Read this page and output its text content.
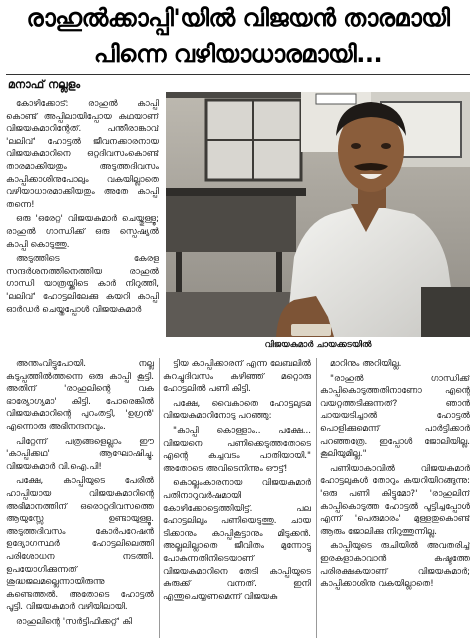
രാഹുൽക്കാപ്പി'യിൽ വിജയൻ താരമായി
പിന്നെ വഴിയാധാരമായി...
മനാഫ് നല്ലളം

കോഴിക്കോട്: രാഹുൽ കാപ്പി കൊണ്ട് അപ്പിലായിപ്പോയ കഥയാണ് വിജയകുമാറിന്റേത്. പന്തീരാങ്കാവ് 'ലലിവ്' ഹോട്ടൽ ജീവനക്കാരനായ വിജയകുമാറിനെ ഒറ്റദിവസംകൊണ്ട് താരമാക്കിയതും അടുത്തദിവസം കാപ്പിക്കാശിനുപോലും വകയില്ലാതെ വഴിയാധാരമാക്കിയതും അതേ കാപ്പി തന്നെ!

ഒരു 'ഒരേറ്റ' വിജയകുമാർ ചെയ്തുള്ളൂ; രാഹുൽ ഗാന്ധിക്ക് ഒരു സ്പെഷ്യൽ കാപ്പി കൊടുത്തു.

അടുത്തിടെ കേരള സന്ദർശനത്തിനെത്തിയ രാഹുൽ ഗാന്ധി യാത്രയ്ക്കിടെ കാർ നിറുത്തി, 'ലലിവ്' ഹോട്ടലിലേക്കു കയറി കാപ്പി ഓർഡർ ചെയ്തപ്പോൾ വിജയകുമാർ

വിജയകുമാർ ചായക്കടയിൽ

അന്തംവിട്ടുപോയി. നല്ല കടുപ്പത്തിൽത്തന്നെ ഒരു കാപ്പി കൂട്ടി. അതിന് 'രാഹുലിന്റെ വക ഭാര്യോഗ്യമാ' കിട്ടി. പോരെങ്കിൽ വിജയകുമാറിന്റെ പുറംതട്ടി, 'ഉഗ്രൻ' എന്നൊരു അഭിനന്ദനവും.

പിറ്റേന്ന് പത്രങ്ങളെല്ലാം ഈ 'കാപ്പിക്കഥ' ആഘോഷിച്ചു. വിജയകുമാർ വി.ഐ.പി!

പക്ഷേ, കാപ്പിയുടെ പേരിൽ ഹാപ്പിയായ വിജയകുമാറിന്റെ അഭിമാനത്തിന് ഒരൊറ്റദിവസത്തെ ആയുസ്സേ ഉണ്ടായുള്ളൂ. അടുത്തദിവസം കോർപറേഷൻ ഉദ്യോഗസ്ഥർ ഹോട്ടലിലെത്തി പരിശോധന നടത്തി. ഉപയോഗിക്കുന്നത് ശുദ്ധജലമല്ലെന്നായിരുന്നു കണ്ടെത്തൽ. അതോടെ ഹോട്ടൽ പൂട്ടി. വിജയകുമാർ വഴിയിലായി.

രാഹുലിന്റെ 'സർട്ടിഫിക്കറ്റ്' കി

ട്ടിയ കാപ്പിക്കാരന് എന്ന ലേബലിൽ കുറച്ചുദിവസം കഴിഞ്ഞ് മറ്റൊരു ഹോട്ടലിൽ പണി കിട്ടി.

പക്ഷേ, വൈകാതെ ഹോട്ടലുടമ വിജയകുമാറിനോടു പറഞ്ഞു:

"കാപ്പി കൊള്ളാം.. പക്ഷേ... വിജയനെ പണിക്കെടുത്തതോടെ എന്റെ കച്ചവടം പാതിയായി." അതോടെ അവിടെനിന്നും ഔട്ട്!

കൊല്ലംകാരനായ വിജയകുമാർ പതിനാറുവർഷമായി കോഴിക്കോട്ടെത്തിയിട്ട്. പല ഹോട്ടലിലും പണിയെടുത്തു. ചായ ടിക്കാനും കാപ്പികൂട്ടാനും മിടുക്കൻ. അല്ലലില്ലാതെ ജീവിതം മുന്നോട്ടു പോകുന്നതിനിടെയാണ് വിജയകുമാറിനെ തേടി കാപ്പിയുടെ കുരുക്ക് വന്നത്. ഇനി എന്തുചെയ്യണമെന്ന് വിജയകു

മാറിനും അറിയില്ല.

"രാഹുൽ ഗാന്ധിക്ക് കാപ്പികൊടുത്തതിനാണോ എന്റെ വയറ്റത്തടിക്കുന്നത്? ഞാൻ ചായയടിച്ചാൽ ഹോട്ടൽ പൊളിക്കുമെന്ന് പാർട്ടിക്കാർ പറഞ്ഞത്രേ. ഇപ്പോൾ ജോലിയില്ല. കൂലിയുമില്ല."

പണിയാകാവിൽ വിജയകുമാർ ഹോട്ടലുകൾ തോറും കയറിയിറങ്ങുന്നു: 'ഒരു പണി കിട്ടുമോ?' 'രാഹുലിന് കാപ്പികൊടുത്ത ഹോട്ടൽ പൂട്ടിച്ചപ്പോൾ എന്ന് 'പെരുമാരം' മുള്ളതുകൊണ്ട് ആരും ജോലിക്കു നിറുത്തുന്നില്ല.

കാപ്പിയുടെ രുചിയിൽ അവതരിച്ച് ഇരകളാകാവാൻ കഷ്ടത്തേ പരിരക്ഷകയാണ് വിജയകുമാർ; കാപ്പിക്കാശിനു വകയില്ലാതെ!
